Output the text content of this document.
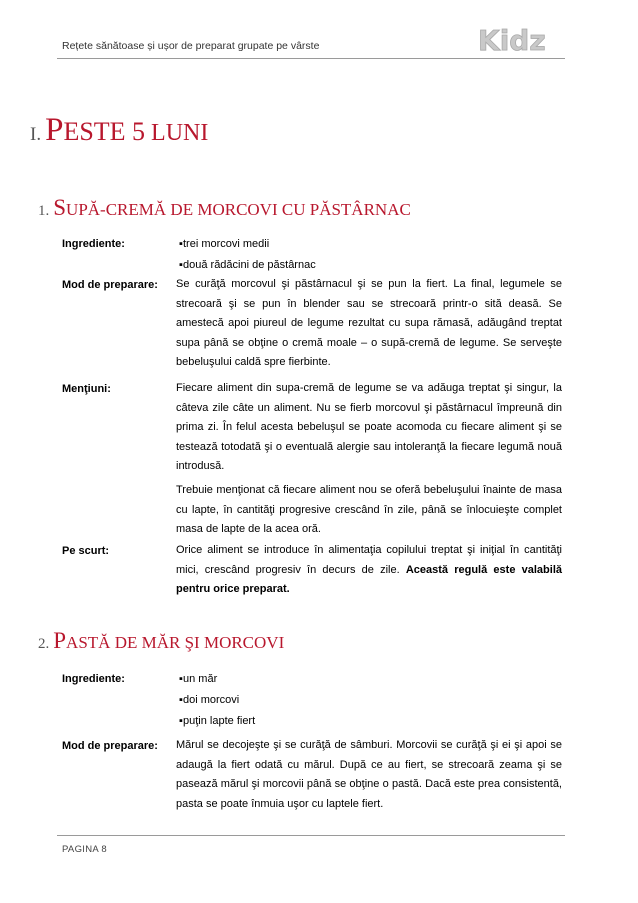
Rețete sănătoase și ușor de preparat grupate pe vârste	Kidz
I. PESTE 5 LUNI
1. SUPĂ-CREMĂ DE MORCOVI CU PĂSTÂRNAC
Ingrediente:	▪ trei morcovi medii
▪ două rădăcini de păstârnac
Mod de preparare: Se curăţă morcovul şi păstârnacul şi se pun la fiert. La final, legumele se strecoară şi se pun în blender sau se strecoară printr-o sită deasă. Se amestecă apoi piureul de legume rezultat cu supa rămasă, adăugând treptat supa până se obţine o cremă moale – o supă-cremă de legume. Se serveşte bebeluşului caldă spre fierbinte.
Menţiuni:	Fiecare aliment din supa-cremă de legume se va adăuga treptat şi singur, la câteva zile câte un aliment. Nu se fierb morcovul şi păstârnacul împreună din prima zi. În felul acesta bebeluşul se poate acomoda cu fiecare aliment şi se testează totodată şi o eventuală alergie sau intoleranţă la fiecare legumă nouă introdusă.
Trebuie menţionat că fiecare aliment nou se oferă bebeluşului înainte de masa cu lapte, în cantităţi progresive crescând în zile, până se înlocuieşte complet masa de lapte de la acea oră.
Pe scurt:	Orice aliment se introduce în alimentaţia copilului treptat şi iniţial în cantităţi mici, crescând progresiv în decurs de zile. Această regulă este valabilă pentru orice preparat.
2. PASTĂ DE MĂR ŞI MORCOVI
Ingrediente:	▪ un măr
▪ doi morcovi
▪ puţin lapte fiert
Mod de preparare: Mărul se decojeşte şi se curăţă de sâmburi. Morcovii se curăţă şi ei şi apoi se adaugă la fiert odată cu mărul. După ce au fiert, se strecoară zeama şi se pasează mărul şi morcovii până se obţine o pastă. Dacă este prea consistentă, pasta se poate înmuia uşor cu laptele fiert.
PAGINA 8
